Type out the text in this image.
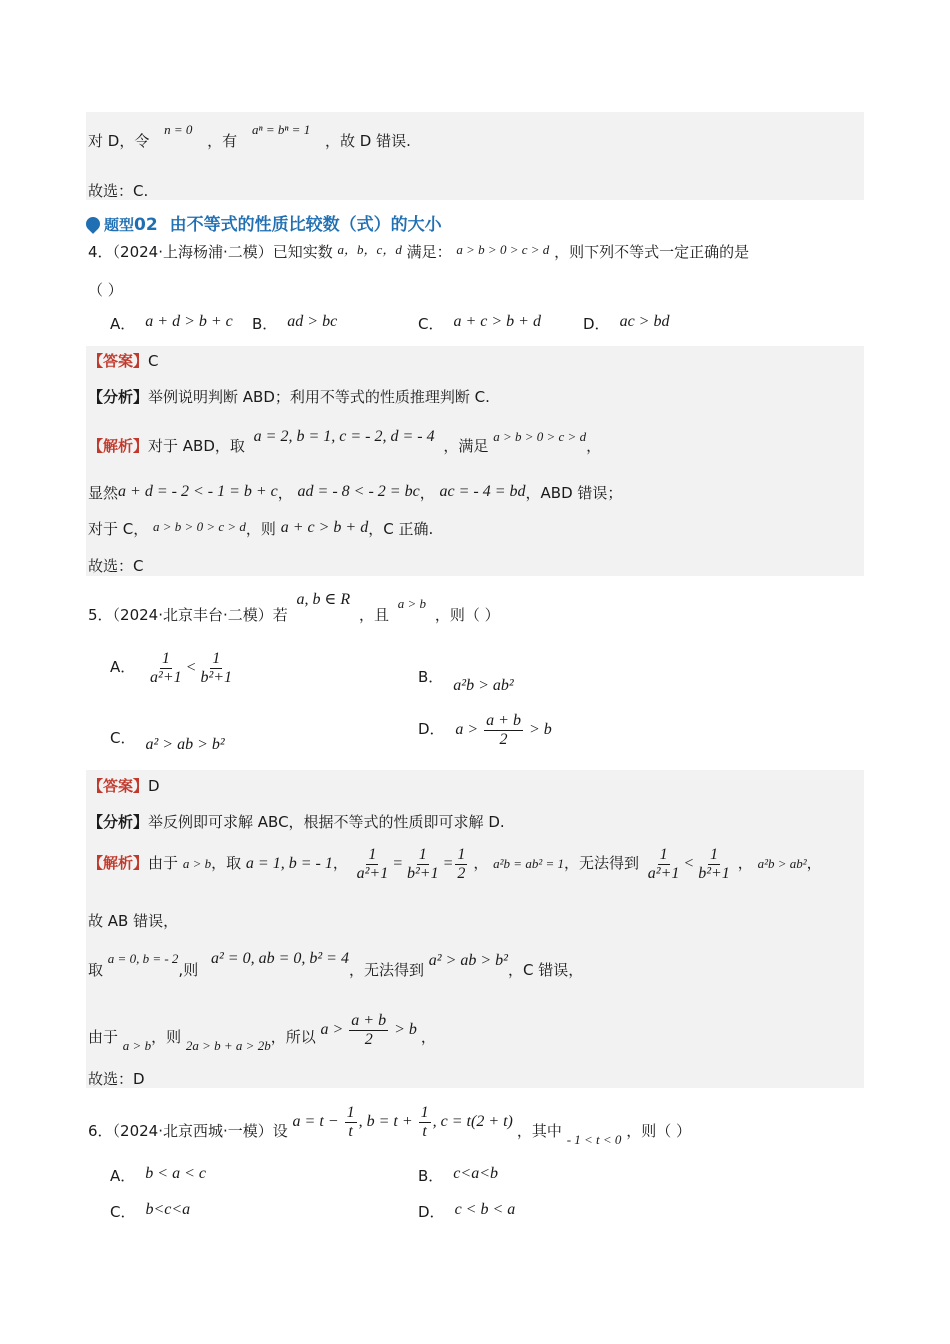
对 D，令 n = 0 ，有 aⁿ = bⁿ = 1 ，故 D 错误.
故选：C.
题型02 由不等式的性质比较数（式）的大小
4．（2024·上海杨浦·二模）已知实数 a，b，c，d 满足： a > b > 0 > c > d ，则下列不等式一定正确的是
（ ）
A． a + d > b + c B． ad > bc	C． a + c > b + d	D． ac > bd
【答案】C
【分析】举例说明判断 ABD；利用不等式的性质推理判断 C.
【解析】对于 ABD，取 a = 2, b = 1, c = - 2, d = - 4 ，满足 a > b > 0 > c > d，
显然a + d = - 2 < - 1 = b + c， ad = - 8 < - 2 = bc， ac = - 4 = bd，ABD 错误；
对于 C， a > b > 0 > c > d，则 a + c > b + d，C 正确.
故选：C
5．（2024·北京丰台·二模）若 a, b ∈ R ，且 a > b ，则（ ）
A． $\frac{1}{\text{a²+1}} < \frac{1}{\text{b²+1}}$	B． a²b > ab²
C． a² > ab > b²
D． $a > \frac{a + b}{2} > b$
【答案】D
【分析】举反例即可求解 ABC，根据不等式的性质即可求解 D.
【解析】由于 a > b，取 a = 1, b = - 1， $\frac{1}{\text{a²+1}} = \frac{1}{\text{b²+1}} = \frac{1}{2}$ ， a²b = ab² = 1，无法得到 $\frac{1}{\text{a²+1}} < \frac{1}{\text{b²+1}}$ ， a²b > ab²，
故 AB 错误，
取 a = 0, b = - 2,则 a² = 0, ab = 0, b² = 4，无法得到 a² > ab > b²，C 错误，
由于 a > b，则 2a > b + a > 2b，所以 $a > \frac{a + b}{2} > b$ ，
故选：D
6．（2024·北京西城·一模）设 $a = t - \frac{1}{t}$ , $b = t + \frac{1}{t}$ , c = t(2 + t) ，其中 - 1 < t < 0 ，则（ ）
A． b < a < c	B． c<a<b
C． b<c<a	D． c < b < a
